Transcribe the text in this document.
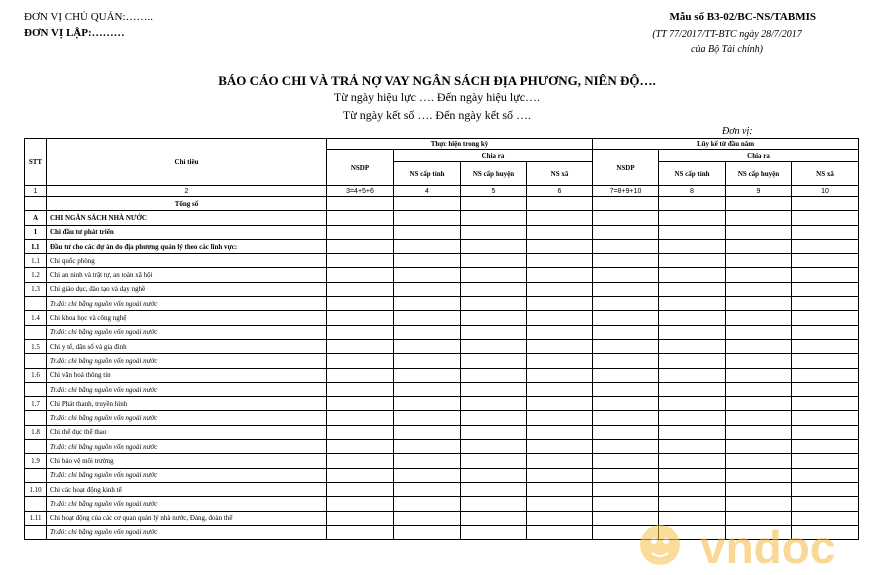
ĐƠN VỊ CHỦ QUẢN:……..
ĐƠN VỊ LẬP:………
Mẫu số B3-02/BC-NS/TABMIS
(TT 77/2017/TT-BTC ngày 28/7/2017
của Bộ Tài chính)
BÁO CÁO CHI VÀ TRẢ NỢ VAY NGÂN SÁCH ĐỊA PHƯƠNG, NIÊN ĐỘ….
Từ ngày hiệu lực …. Đến ngày hiệu lực….
Từ ngày kết số …. Đến ngày kết số ….
Đơn vị:
STT	Chỉ tiêu	Thực hiện trong kỳ				Lũy kế từ đầu năm			
		NSDP	Chia ra			NSDP	Chia ra		
			NS cấp tỉnh	NS cấp huyện	NS xã		NS cấp tỉnh	NS cấp huyện	NS xã
1	2	3=4+5+6	4	5	6	7=8+9+10	8	9	10
	Tổng số								
A	CHI NGÂN SÁCH NHÀ NƯỚC								
I	Chi đầu tư phát triển								
I.1	Đầu tư cho các dự án do địa phương quản lý theo các lĩnh vực:								
1.1	Chi quốc phòng								
1.2	Chi an ninh và trật tự, an toàn xã hội								
1.3	Chi giáo dục, đào tạo và dạy nghề								
	Tr.đó: chi bằng nguồn vốn ngoài nước								
1.4	Chi khoa học và công nghệ								
	Tr.đó: chi bằng nguồn vốn ngoài nước								
1.5	Chi y tế, dân số và gia đình								
	Tr.đó: chi bằng nguồn vốn ngoài nước								
1.6	Chi văn hoá thông tin								
	Tr.đó: chi bằng nguồn vốn ngoài nước								
1.7	Chi Phát thanh, truyền hình								
	Tr.đó: chi bằng nguồn vốn ngoài nước								
1.8	Chi thể dục thể thao								
	Tr.đó: chi bằng nguồn vốn ngoài nước								
1.9	Chi bảo vệ môi trường								
	Tr.đó: chi bằng nguồn vốn ngoài nước								
1.10	Chi các hoạt động kinh tế								
	Tr.đó: chi bằng nguồn vốn ngoài nước								
1.11	Chi hoạt động của các cơ quan quản lý nhà nước, Đảng, đoàn thể								
	Tr.đó: chi bằng nguồn vốn ngoài nước									vndoc
